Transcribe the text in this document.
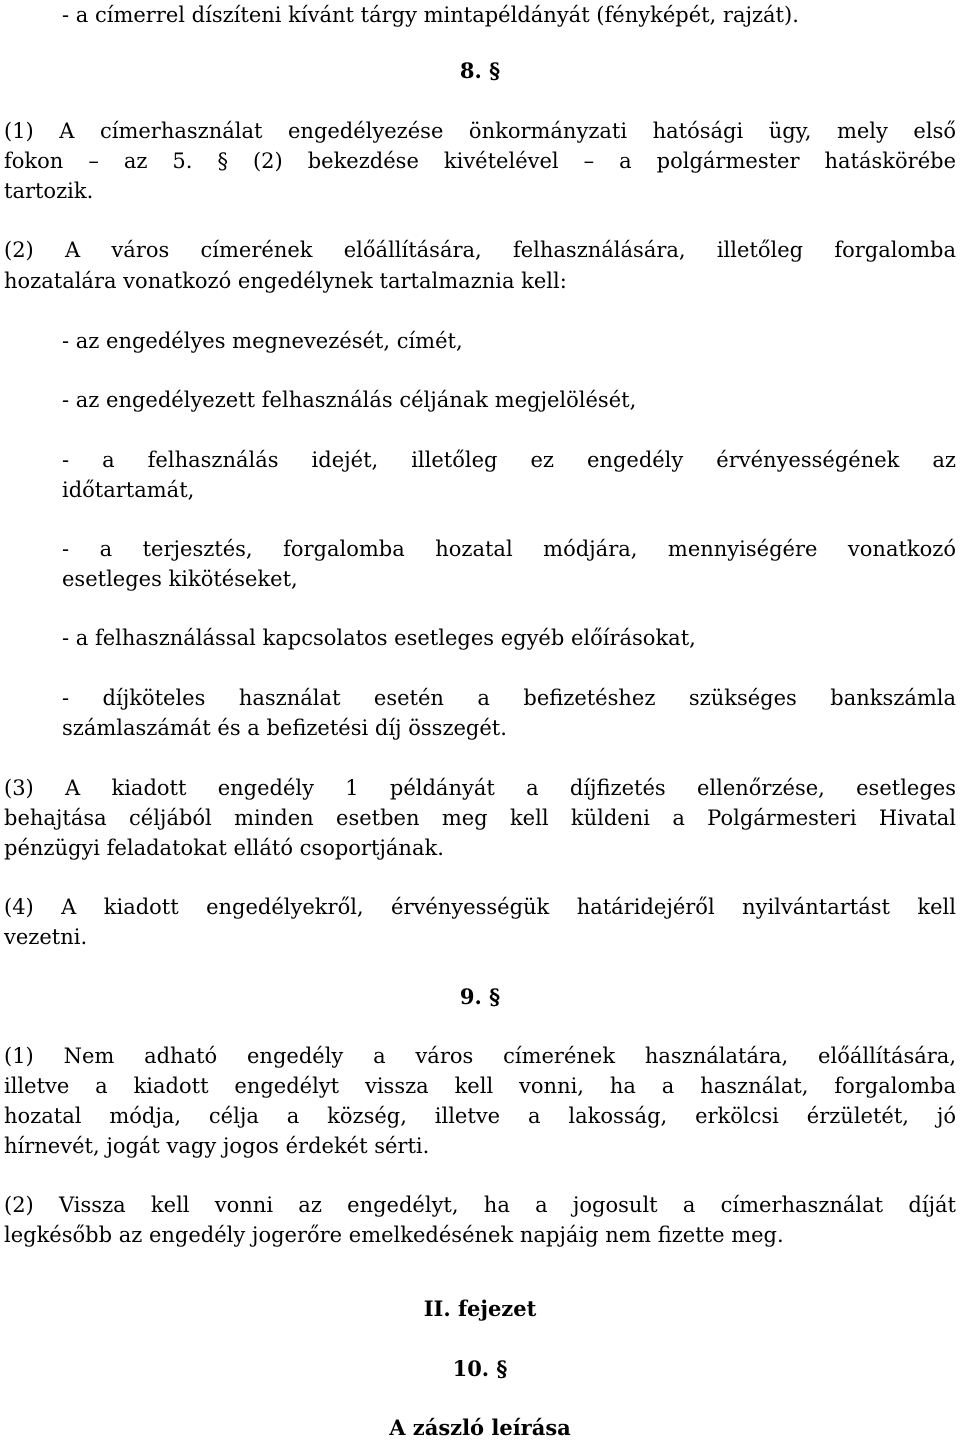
- a címerrel díszíteni kívánt tárgy mintapéldányát (fényképét, rajzát).
8. §
(1) A címerhasználat engedélyezése önkormányzati hatósági ügy, mely első
fokon – az 5. § (2) bekezdése kivételével – a polgármester hatáskörébe
tartozik.
(2) A város címerének előállítására, felhasználására, illetőleg forgalomba
hozatalára vonatkozó engedélynek tartalmaznia kell:
- az engedélyes megnevezését, címét,
- az engedélyezett felhasználás céljának megjelölését,
- a felhasználás idejét, illetőleg ez engedély érvényességének az
időtartamát,
- a terjesztés, forgalomba hozatal módjára, mennyiségére vonatkozó
esetleges kikötéseket,
- a felhasználással kapcsolatos esetleges egyéb előírásokat,
- díjköteles használat esetén a befizetéshez szükséges bankszámla
számlaszámát és a befizetési díj összegét.
(3) A kiadott engedély 1 példányát a díjfizetés ellenőrzése, esetleges
behajtása céljából minden esetben meg kell küldeni a Polgármesteri Hivatal
pénzügyi feladatokat ellátó csoportjának.
(4) A kiadott engedélyekről, érvényességük határidejéről nyilvántartást kell
vezetni.
9. §
(1) Nem adható engedély a város címerének használatára, előállítására,
illetve a kiadott engedélyt vissza kell vonni, ha a használat, forgalomba
hozatal módja, célja a község, illetve a lakosság, erkölcsi érzületét, jó
hírnevét, jogát vagy jogos érdekét sérti.
(2) Vissza kell vonni az engedélyt, ha a jogosult a címerhasználat díját
legkésőbb az engedély jogerőre emelkedésének napjáig nem fizette meg.
II. fejezet
10. §
A zászló leírása
